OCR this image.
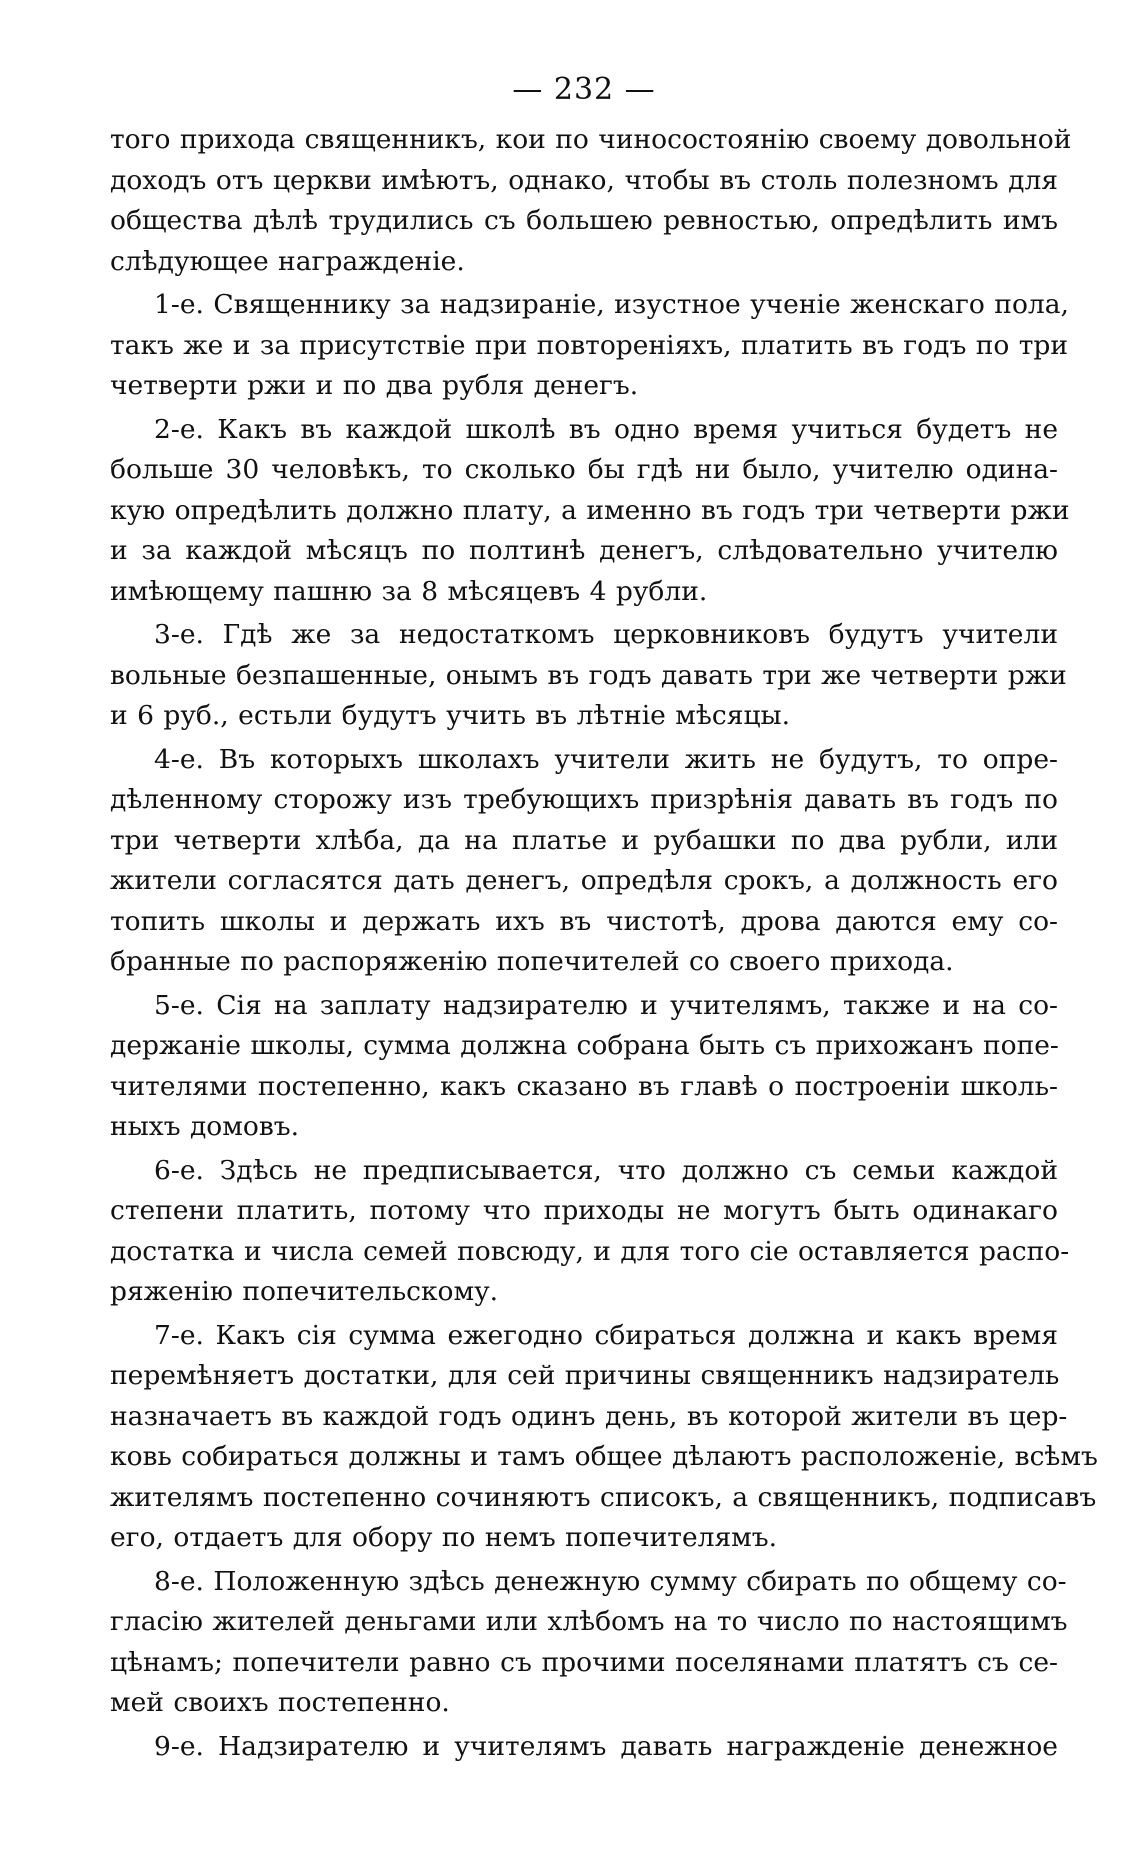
— 232 —
того прихода священникъ, кои по чиносостоянію своему довольной
доходъ отъ церкви имѣютъ, однако, чтобы въ столь полезномъ для
общества дѣлѣ трудились съ большею ревностью, опредѣлить имъ
слѣдующее награжденіе.
1-е. Священнику за надзираніе, изустное ученіе женскаго пола,
такъ же и за присутствіе при повтореніяхъ, платить въ годъ по три
четверти ржи и по два рубля денегъ.
2-е. Какъ въ каждой школѣ въ одно время учиться будетъ не
больше 30 человѣкъ, то сколько бы гдѣ ни было, учителю одина-
кую опредѣлить должно плату, а именно въ годъ три четверти ржи
и за каждой мѣсяцъ по полтинѣ денегъ, слѣдовательно учителю
имѣющему пашню за 8 мѣсяцевъ 4 рубли.
3-е. Гдѣ же за недостаткомъ церковниковъ будутъ учители
вольные безпашенные, онымъ въ годъ давать три же четверти ржи
и 6 руб., естьли будутъ учить въ лѣтніе мѣсяцы.
4-е. Въ которыхъ школахъ учители жить не будутъ, то опре-
дѣленному сторожу изъ требующихъ призрѣнія давать въ годъ по
три четверти хлѣба, да на платье и рубашки по два рубли, или
жители согласятся дать денегъ, опредѣля срокъ, а должность его
топить школы и держать ихъ въ чистотѣ, дрова даются ему со-
бранные по распоряженію попечителей со своего прихода.
5-е. Сія на заплату надзирателю и учителямъ, также и на со-
держаніе школы, сумма должна собрана быть съ прихожанъ попе-
чителями постепенно, какъ сказано въ главѣ о построеніи школь-
ныхъ домовъ.
6-е. Здѣсь не предписывается, что должно съ семьи каждой
степени платить, потому что приходы не могутъ быть одинакаго
достатка и числа семей повсюду, и для того сіе оставляется распо-
ряженію попечительскому.
7-е. Какъ сія сумма ежегодно сбираться должна и какъ время
перемѣняетъ достатки, для сей причины священникъ надзиратель
назначаетъ въ каждой годъ одинъ день, въ которой жители въ цер-
ковь собираться должны и тамъ общее дѣлаютъ расположеніе, всѣмъ
жителямъ постепенно сочиняютъ списокъ, а священникъ, подписавъ
его, отдаетъ для обору по немъ попечителямъ.
8-е. Положенную здѣсь денежную сумму сбирать по общему со-
гласію жителей деньгами или хлѣбомъ на то число по настоящимъ
цѣнамъ; попечители равно съ прочими поселянами платятъ съ се-
мей своихъ постепенно.
9-е. Надзирателю и учителямъ давать награжденіе денежное
